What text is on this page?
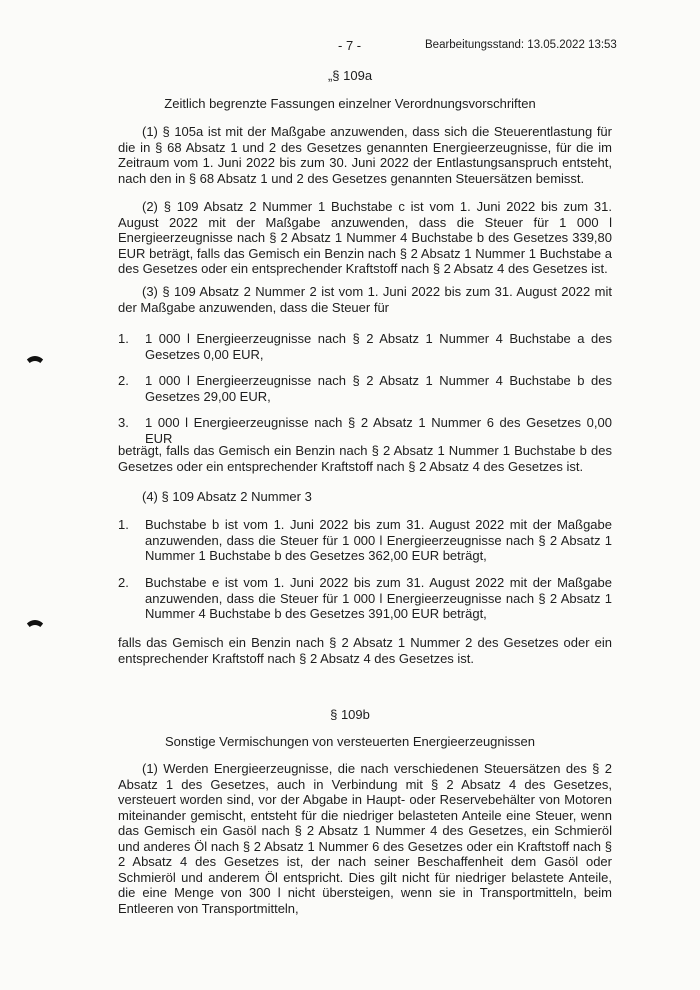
- 7 -	Bearbeitungsstand: 13.05.2022 13:53
„§ 109a
Zeitlich begrenzte Fassungen einzelner Verordnungsvorschriften
(1) § 105a ist mit der Maßgabe anzuwenden, dass sich die Steuerentlastung für die in § 68 Absatz 1 und 2 des Gesetzes genannten Energieerzeugnisse, für die im Zeitraum vom 1. Juni 2022 bis zum 30. Juni 2022 der Entlastungsanspruch entsteht, nach den in § 68 Absatz 1 und 2 des Gesetzes genannten Steuersätzen bemisst.
(2) § 109 Absatz 2 Nummer 1 Buchstabe c ist vom 1. Juni 2022 bis zum 31. August 2022 mit der Maßgabe anzuwenden, dass die Steuer für 1 000 l Energieerzeugnisse nach § 2 Absatz 1 Nummer 4 Buchstabe b des Gesetzes 339,80 EUR beträgt, falls das Gemisch ein Benzin nach § 2 Absatz 1 Nummer 1 Buchstabe a des Gesetzes oder ein entsprechender Kraftstoff nach § 2 Absatz 4 des Gesetzes ist.
(3) § 109 Absatz 2 Nummer 2 ist vom 1. Juni 2022 bis zum 31. August 2022 mit der Maßgabe anzuwenden, dass die Steuer für
1.	1 000 l Energieerzeugnisse nach § 2 Absatz 1 Nummer 4 Buchstabe a des Gesetzes 0,00 EUR,
2.	1 000 l Energieerzeugnisse nach § 2 Absatz 1 Nummer 4 Buchstabe b des Gesetzes 29,00 EUR,
3.	1 000 l Energieerzeugnisse nach § 2 Absatz 1 Nummer 6 des Gesetzes 0,00 EUR
beträgt, falls das Gemisch ein Benzin nach § 2 Absatz 1 Nummer 1 Buchstabe b des Gesetzes oder ein entsprechender Kraftstoff nach § 2 Absatz 4 des Gesetzes ist.
(4) § 109 Absatz 2 Nummer 3
1.	Buchstabe b ist vom 1. Juni 2022 bis zum 31. August 2022 mit der Maßgabe anzuwenden, dass die Steuer für 1 000 l Energieerzeugnisse nach § 2 Absatz 1 Nummer 1 Buchstabe b des Gesetzes 362,00 EUR beträgt,
2.	Buchstabe e ist vom 1. Juni 2022 bis zum 31. August 2022 mit der Maßgabe anzuwenden, dass die Steuer für 1 000 l Energieerzeugnisse nach § 2 Absatz 1 Nummer 4 Buchstabe b des Gesetzes 391,00 EUR beträgt,
falls das Gemisch ein Benzin nach § 2 Absatz 1 Nummer 2 des Gesetzes oder ein entsprechender Kraftstoff nach § 2 Absatz 4 des Gesetzes ist.
§ 109b
Sonstige Vermischungen von versteuerten Energieerzeugnissen
(1) Werden Energieerzeugnisse, die nach verschiedenen Steuersätzen des § 2 Absatz 1 des Gesetzes, auch in Verbindung mit § 2 Absatz 4 des Gesetzes, versteuert worden sind, vor der Abgabe in Haupt- oder Reservebehälter von Motoren miteinander gemischt, entsteht für die niedriger belasteten Anteile eine Steuer, wenn das Gemisch ein Gasöl nach § 2 Absatz 1 Nummer 4 des Gesetzes, ein Schmieröl und anderes Öl nach § 2 Absatz 1 Nummer 6 des Gesetzes oder ein Kraftstoff nach § 2 Absatz 4 des Gesetzes ist, der nach seiner Beschaffenheit dem Gasöl oder Schmieröl und anderem Öl entspricht. Dies gilt nicht für niedriger belastete Anteile, die eine Menge von 300 l nicht übersteigen, wenn sie in Transportmitteln, beim Entleeren von Transportmitteln,
